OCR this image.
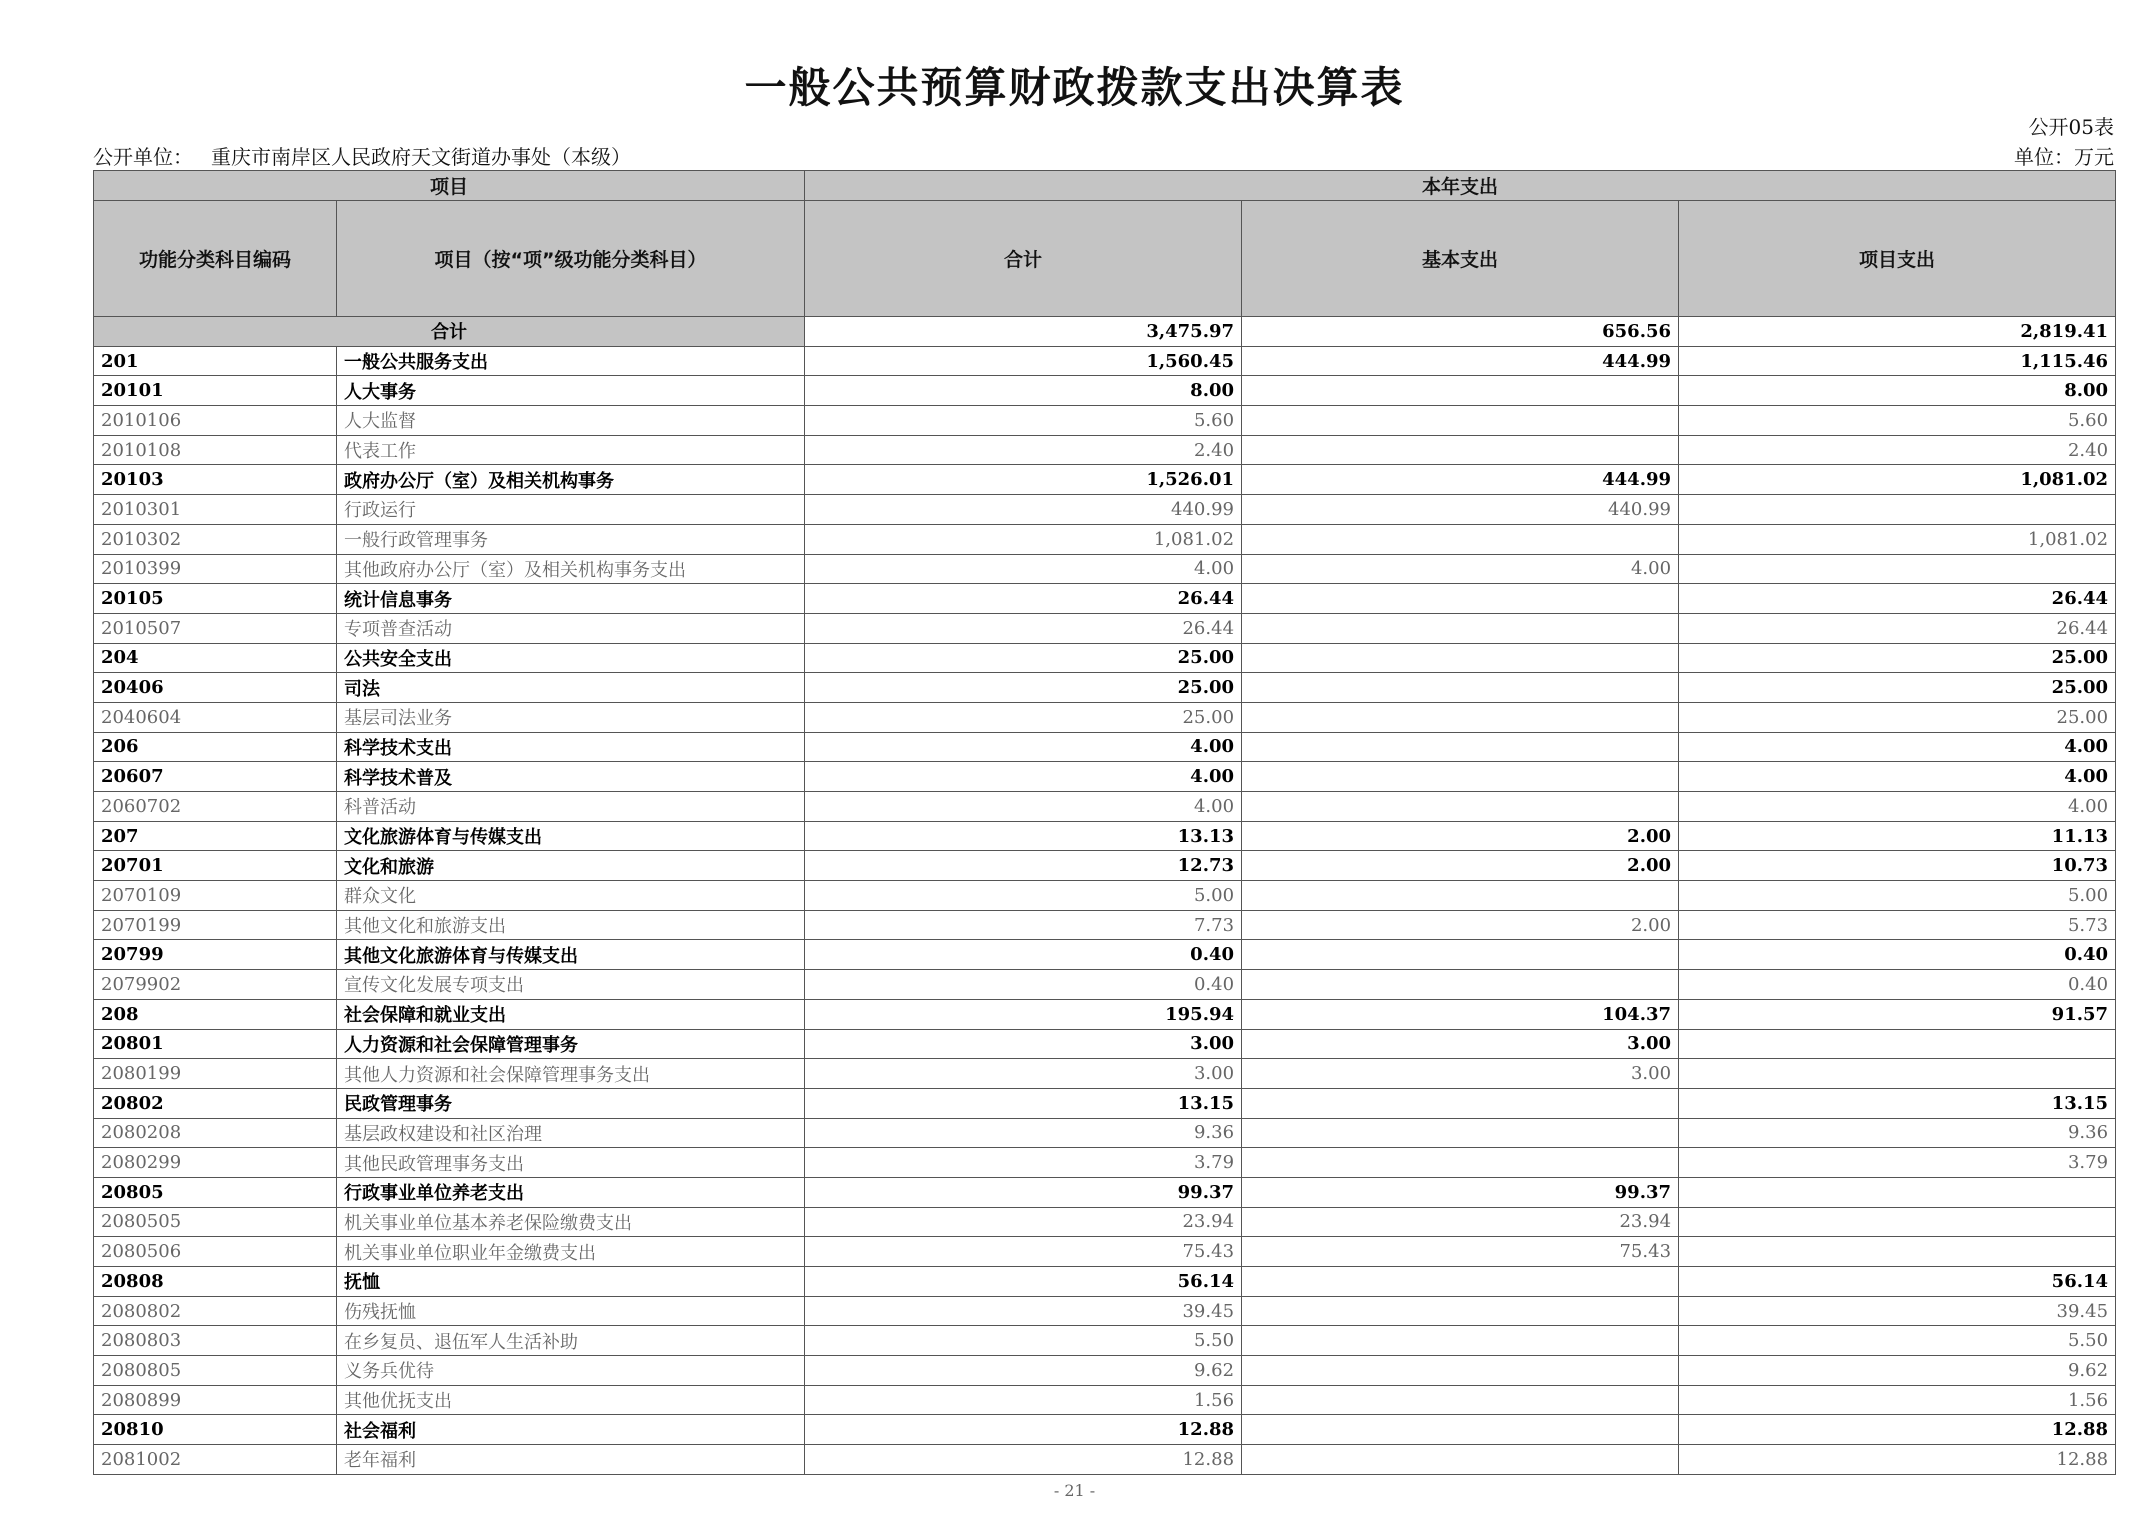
一般公共预算财政拨款支出决算表
公开05表
公开单位： 重庆市南岸区人民政府天文街道办事处（本级）	单位：万元
项目		本年支出		
功能分类科目编码	项目（按“项”级功能分类科目）	合计	基本支出	项目支出
合计		3,475.97	656.56	2,819.41
201	一般公共服务支出	1,560.45	444.99	1,115.46
20101	人大事务	8.00		8.00
2010106	人大监督	5.60		5.60
2010108	代表工作	2.40		2.40
20103	政府办公厅（室）及相关机构事务	1,526.01	444.99	1,081.02
2010301	行政运行	440.99	440.99	
2010302	一般行政管理事务	1,081.02		1,081.02
2010399	其他政府办公厅（室）及相关机构事务支出	4.00	4.00	
20105	统计信息事务	26.44		26.44
2010507	专项普查活动	26.44		26.44
204	公共安全支出	25.00		25.00
20406	司法	25.00		25.00
2040604	基层司法业务	25.00		25.00
206	科学技术支出	4.00		4.00
20607	科学技术普及	4.00		4.00
2060702	科普活动	4.00		4.00
207	文化旅游体育与传媒支出	13.13	2.00	11.13
20701	文化和旅游	12.73	2.00	10.73
2070109	群众文化	5.00		5.00
2070199	其他文化和旅游支出	7.73	2.00	5.73
20799	其他文化旅游体育与传媒支出	0.40		0.40
2079902	宣传文化发展专项支出	0.40		0.40
208	社会保障和就业支出	195.94	104.37	91.57
20801	人力资源和社会保障管理事务	3.00	3.00	
2080199	其他人力资源和社会保障管理事务支出	3.00	3.00	
20802	民政管理事务	13.15		13.15
2080208	基层政权建设和社区治理	9.36		9.36
2080299	其他民政管理事务支出	3.79		3.79
20805	行政事业单位养老支出	99.37	99.37	
2080505	机关事业单位基本养老保险缴费支出	23.94	23.94	
2080506	机关事业单位职业年金缴费支出	75.43	75.43	
20808	抚恤	56.14		56.14
2080802	伤残抚恤	39.45		39.45
2080803	在乡复员、退伍军人生活补助	5.50		5.50
2080805	义务兵优待	9.62		9.62
2080899	其他优抚支出	1.56		1.56
20810	社会福利	12.88		12.88
2081002	老年福利	12.88		12.88
- 21 -
